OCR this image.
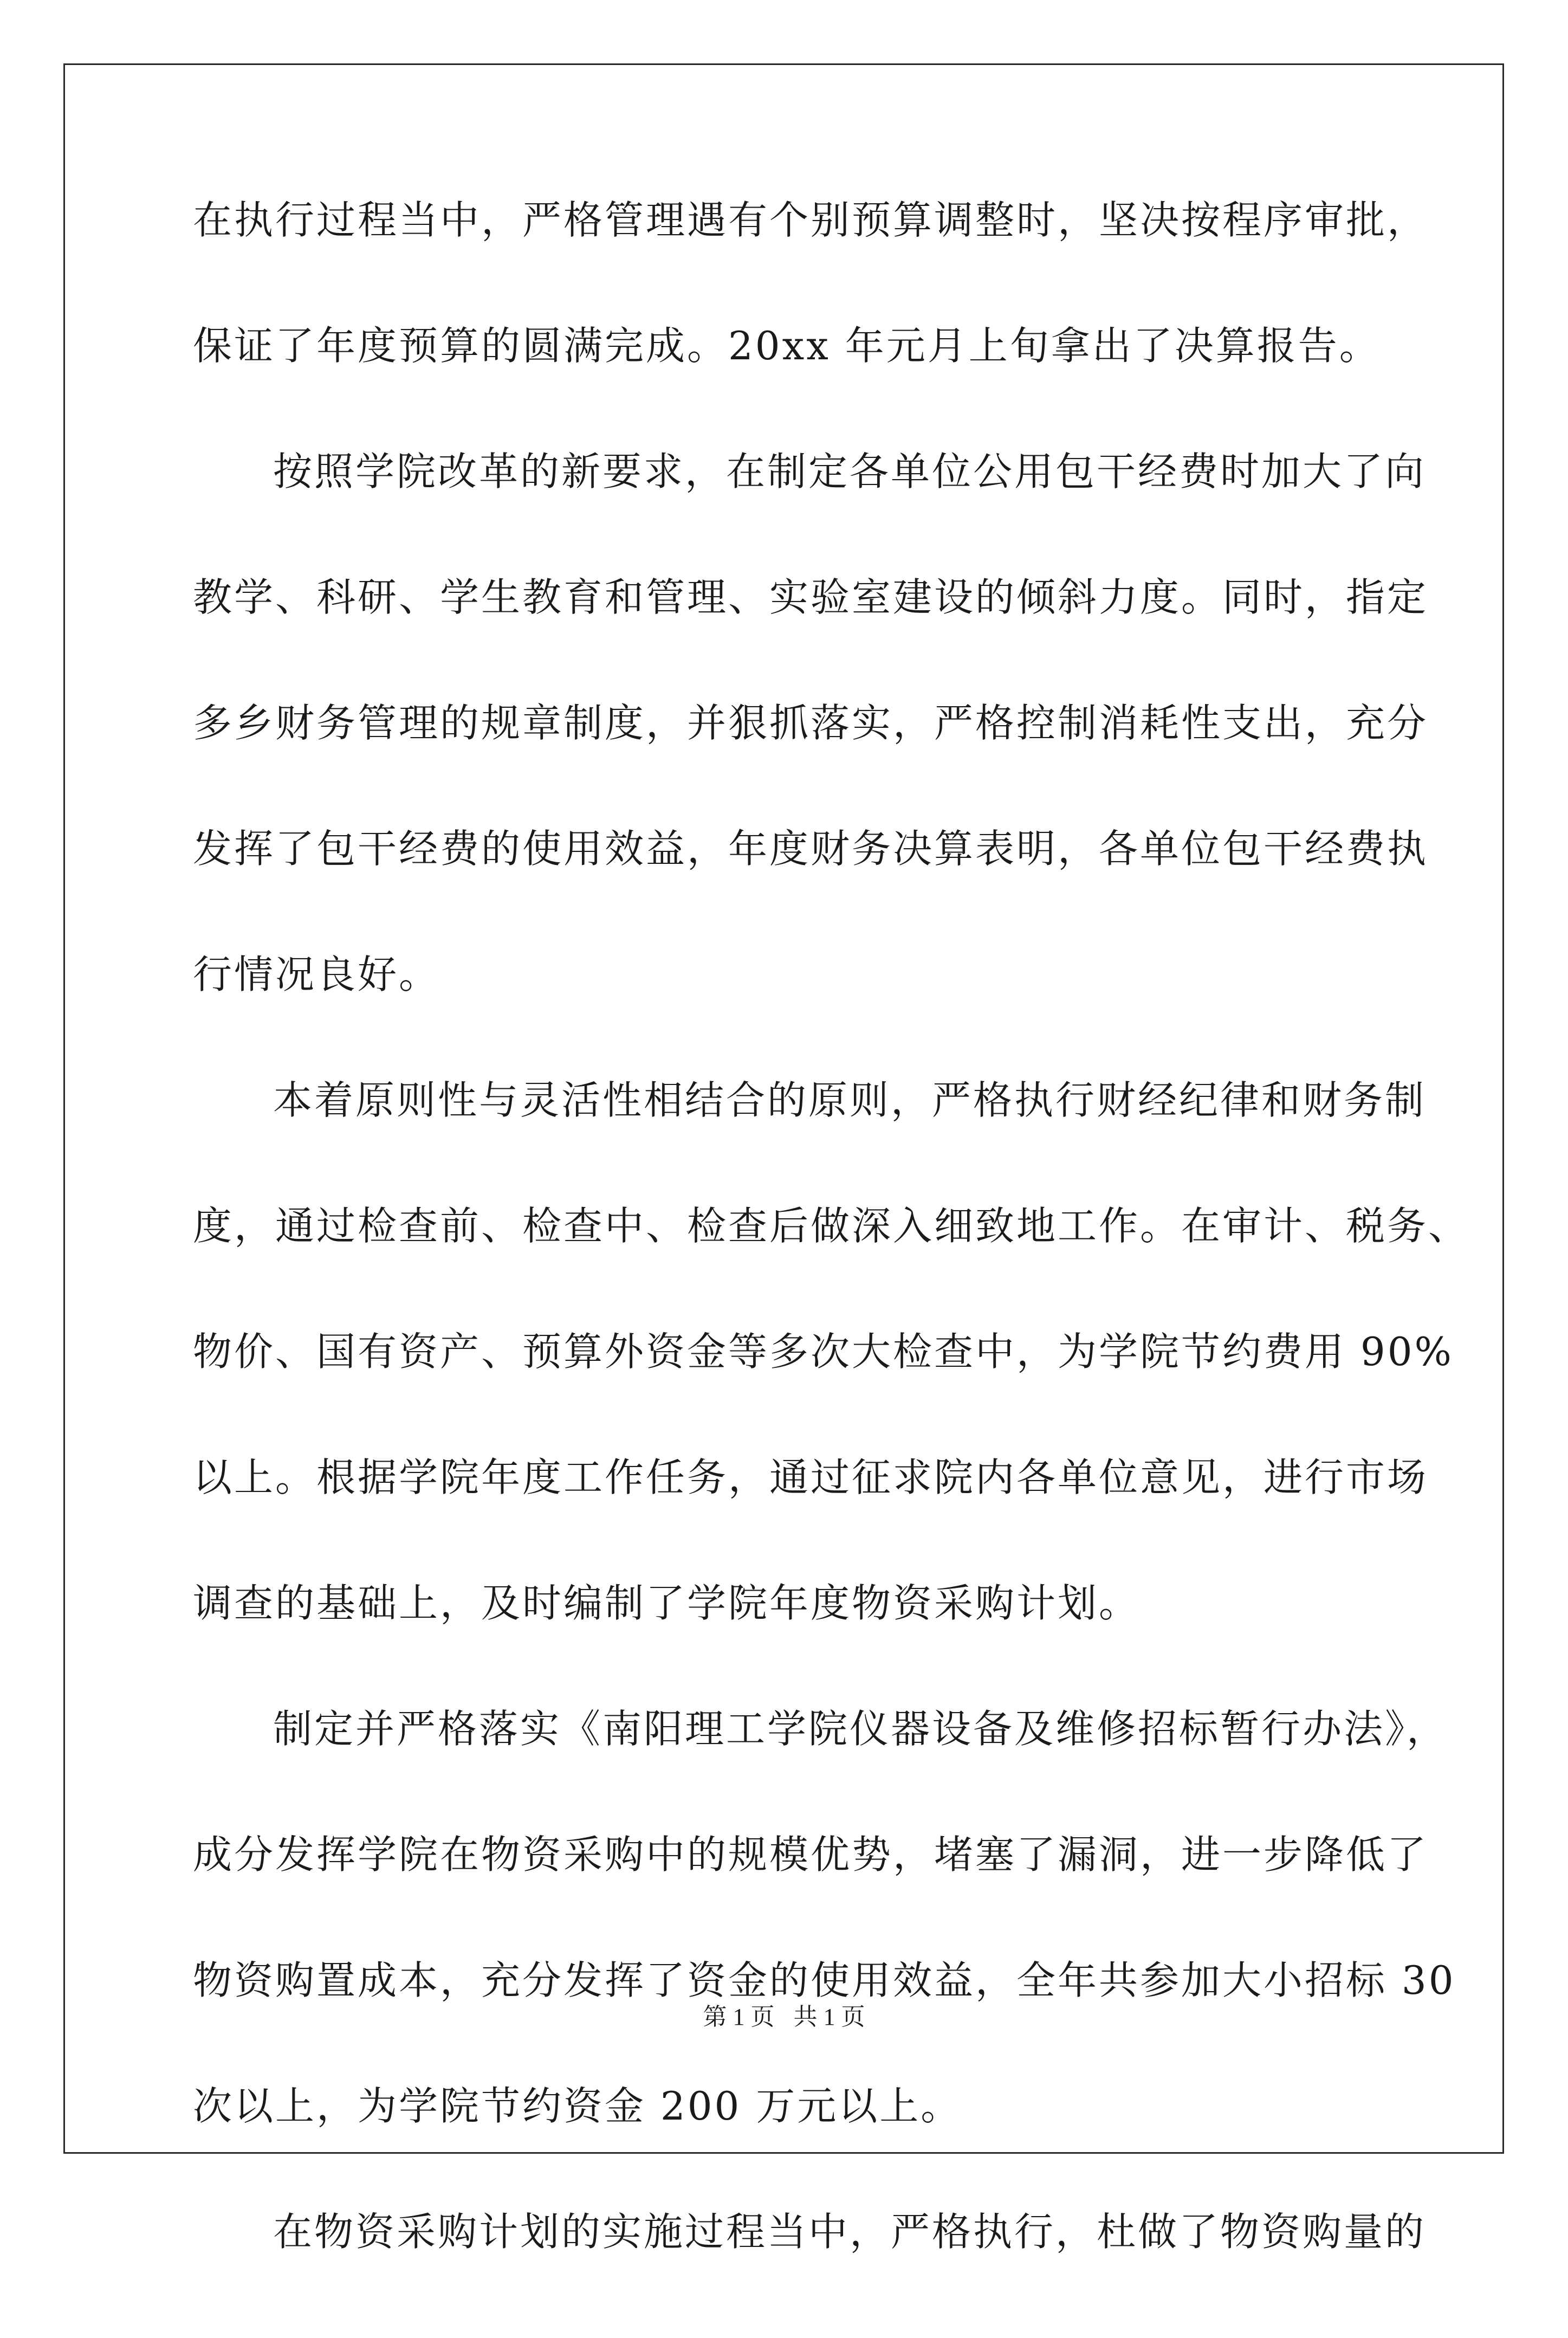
在执行过程当中，严格管理遇有个别预算调整时，坚决按程序审批，
保证了年度预算的圆满完成。20xx 年元月上旬拿出了决算报告。
按照学院改革的新要求，在制定各单位公用包干经费时加大了向
教学、科研、学生教育和管理、实验室建设的倾斜力度。同时，指定
多乡财务管理的规章制度，并狠抓落实，严格控制消耗性支出，充分
发挥了包干经费的使用效益，年度财务决算表明，各单位包干经费执
行情况良好。
本着原则性与灵活性相结合的原则，严格执行财经纪律和财务制
度，通过检查前、检查中、检查后做深入细致地工作。在审计、税务、
物价、国有资产、预算外资金等多次大检查中，为学院节约费用 90%
以上。根据学院年度工作任务，通过征求院内各单位意见，进行市场
调查的基础上，及时编制了学院年度物资采购计划。
制定并严格落实《南阳理工学院仪器设备及维修招标暂行办法》，
成分发挥学院在物资采购中的规模优势，堵塞了漏洞，进一步降低了
物资购置成本，充分发挥了资金的使用效益，全年共参加大小招标 30
次以上，为学院节约资金 200 万元以上。
在物资采购计划的实施过程当中，严格执行，杜做了物资购量的
第 1 页 共 1 页
